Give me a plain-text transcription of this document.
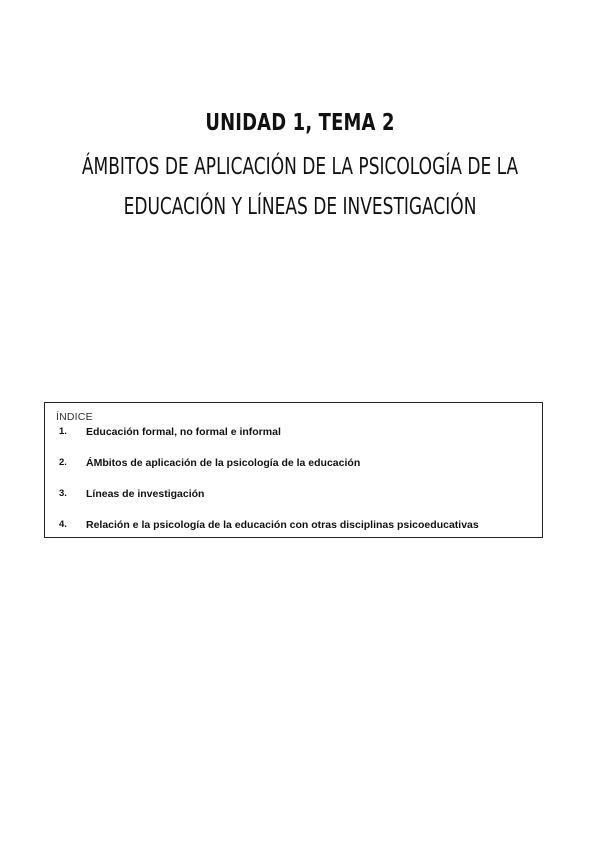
UNIDAD 1, TEMA 2
ÁMBITOS DE APLICACIÓN DE LA PSICOLOGÍA DE LA
EDUCACIÓN Y LÍNEAS DE INVESTIGACIÓN
ÍNDICE
1. Educación formal, no formal e informal
2. ÁMbitos de aplicación de la psicología de la educación
3. Líneas de investigación
4. Relación e la psicología de la educación con otras disciplinas psicoeducativas
